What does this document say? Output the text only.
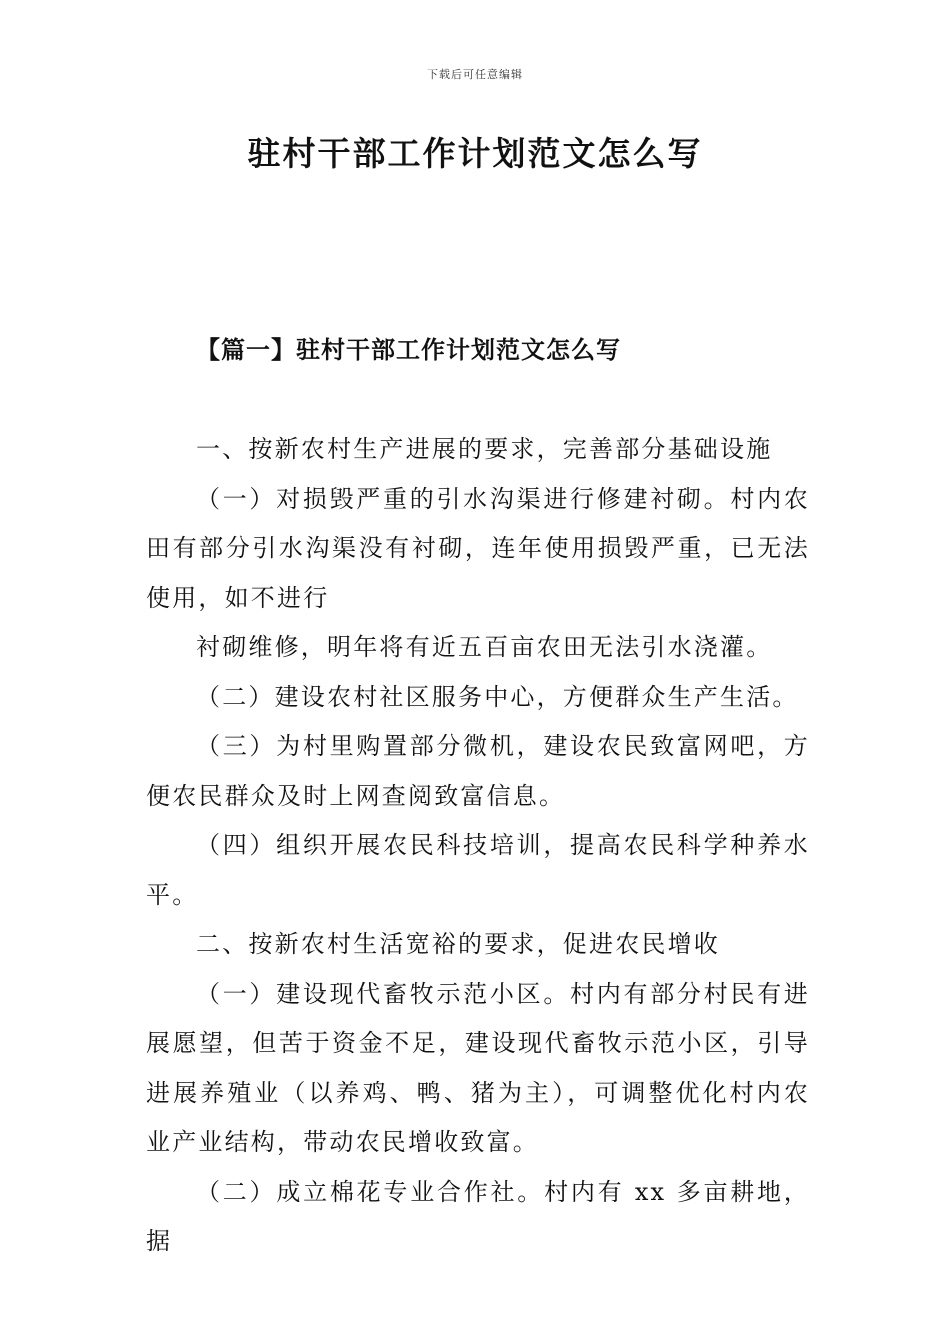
下载后可任意编辑
驻村干部工作计划范文怎么写
【篇一】驻村干部工作计划范文怎么写

一、按新农村生产进展的要求，完善部分基础设施

（一）对损毁严重的引水沟渠进行修建衬砌。村内农田有部分引水沟渠没有衬砌，连年使用损毁严重，已无法使用，如不进行

衬砌维修，明年将有近五百亩农田无法引水浇灌。

（二）建设农村社区服务中心，方便群众生产生活。

（三）为村里购置部分微机，建设农民致富网吧，方便农民群众及时上网查阅致富信息。

（四）组织开展农民科技培训，提高农民科学种养水平。

二、按新农村生活宽裕的要求，促进农民增收

（一）建设现代畜牧示范小区。村内有部分村民有进展愿望，但苦于资金不足，建设现代畜牧示范小区，引导进展养殖业（以养鸡、鸭、猪为主），可调整优化村内农业产业结构，带动农民增收致富。

（二）成立棉花专业合作社。村内有 xx 多亩耕地，据
